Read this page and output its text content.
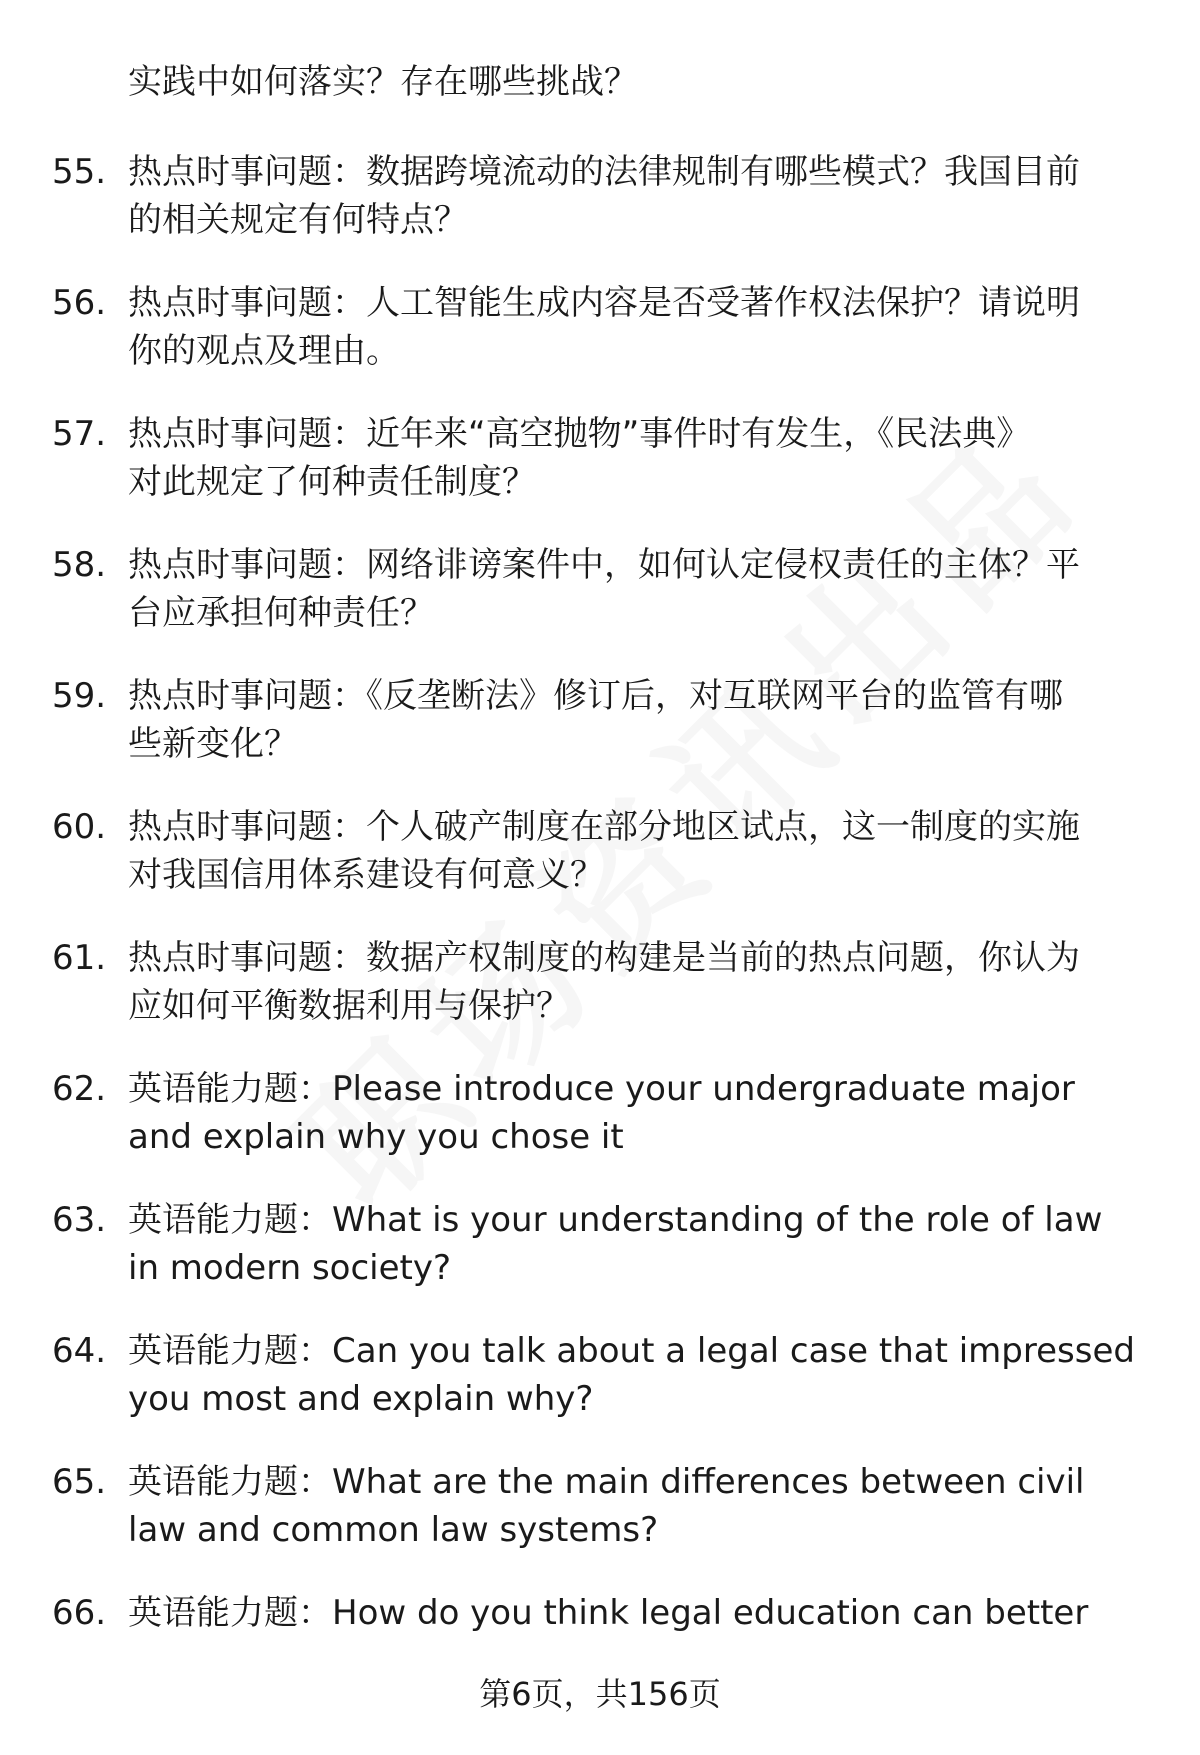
实践中如何落实？存在哪些挑战？
55. 热点时事问题：数据跨境流动的法律规制有哪些模式？我国目前
的相关规定有何特点？
56. 热点时事问题：人工智能生成内容是否受著作权法保护？请说明
你的观点及理由。
57. 热点时事问题：近年来“高空抛物”事件时有发生，《民法典》
对此规定了何种责任制度？
58. 热点时事问题：网络诽谤案件中，如何认定侵权责任的主体？平
台应承担何种责任？
59. 热点时事问题：《反垄断法》修订后，对互联网平台的监管有哪
些新变化？
60. 热点时事问题：个人破产制度在部分地区试点，这一制度的实施
对我国信用体系建设有何意义？
61. 热点时事问题：数据产权制度的构建是当前的热点问题，你认为
应如何平衡数据利用与保护？
62. 英语能力题：Please introduce your undergraduate major
and explain why you chose it
63. 英语能力题：What is your understanding of the role of law
in modern society?
64. 英语能力题：Can you talk about a legal case that impressed
you most and explain why?
65. 英语能力题：What are the main differences between civil
law and common law systems?
66. 英语能力题：How do you think legal education can better
第6页，共156页
